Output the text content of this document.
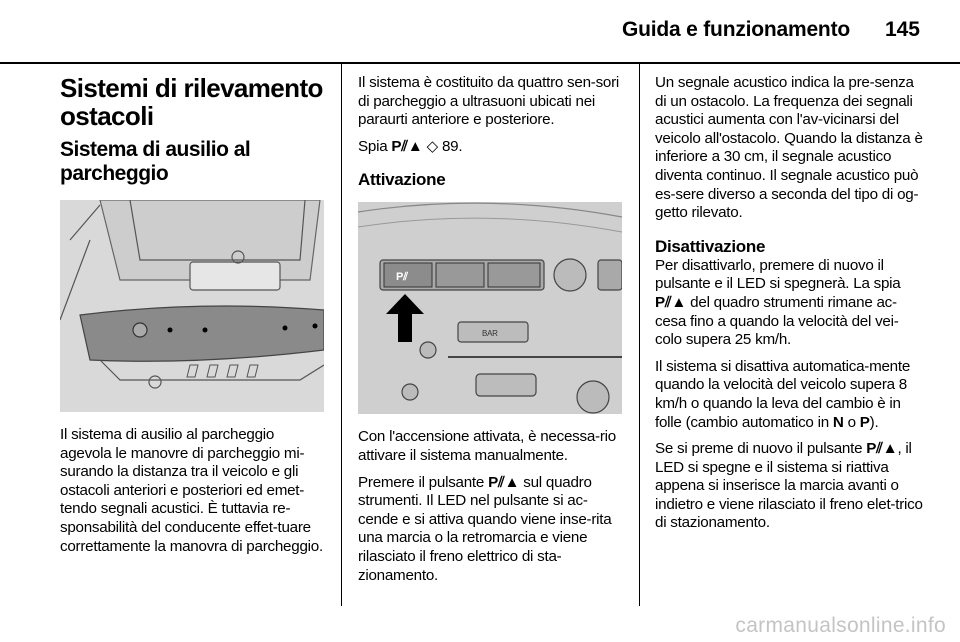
Guida e funzionamento 145
Sistemi di rilevamento ostacoli
Sistema di ausilio al parcheggio

Il sistema di ausilio al parcheggio agevola le manovre di parcheggio mi-surando la distanza tra il veicolo e gli ostacoli anteriori e posteriori ed emet-tendo segnali acustici. È tuttavia re-sponsabilità del conducente effet-tuare correttamente la manovra di parcheggio.

Il sistema è costituito da quattro sen-sori di parcheggio a ultrasuoni ubicati nei paraurti anteriore e posteriore.

Spia P⫽▲ ◇ 89.

Attivazione
P⫽
BAR

Con l'accensione attivata, è necessa-rio attivare il sistema manualmente.

Premere il pulsante P⫽▲ sul quadro strumenti. Il LED nel pulsante si ac-cende e si attiva quando viene inse-rita una marcia o la retromarcia e viene rilasciato il freno elettrico di sta-zionamento.

Un segnale acustico indica la pre-senza di un ostacolo. La frequenza dei segnali acustici aumenta con l'av-vicinarsi del veicolo all'ostacolo. Quando la distanza è inferiore a 30 cm, il segnale acustico diventa continuo. Il segnale acustico può es-sere diverso a seconda del tipo di og-getto rilevato.

Disattivazione

Per disattivarlo, premere di nuovo il pulsante e il LED si spegnerà. La spia P⫽▲ del quadro strumenti rimane ac-cesa fino a quando la velocità del vei-colo supera 25 km/h.

Il sistema si disattiva automatica-mente quando la velocità del veicolo supera 8 km/h o quando la leva del cambio è in folle (cambio automatico in N o P).

Se si preme di nuovo il pulsante P⫽▲, il LED si spegne e il sistema si riattiva appena si inserisce la marcia avanti o indietro e viene rilasciato il freno elet-trico di stazionamento.

carmanualsonline.info
